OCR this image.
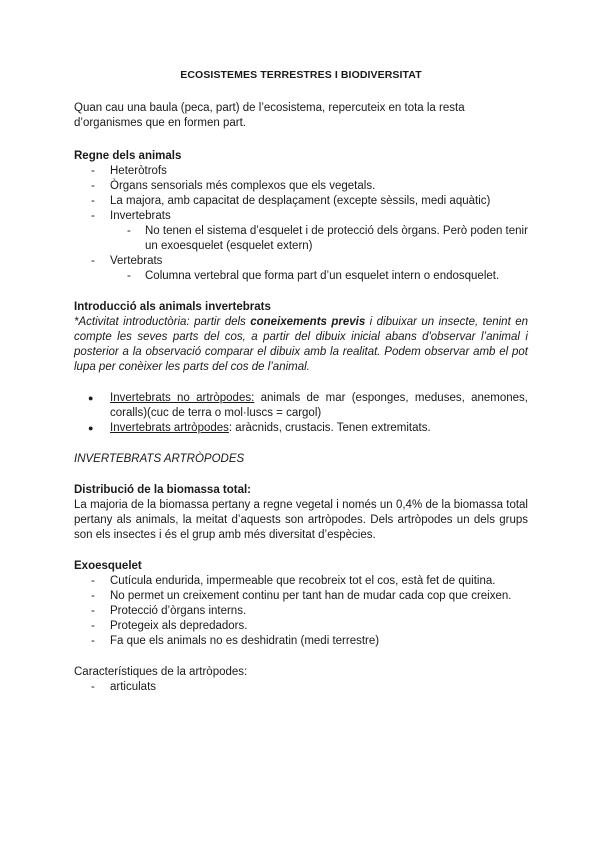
ECOSISTEMES TERRESTRES I BIODIVERSITAT

Quan cau una baula (peca, part) de l’ecosistema, repercuteix en tota la resta d’organismes que en formen part.

Regne dels animals

- Heteròtrofs
- Òrgans sensorials més complexos que els vegetals.
- La majora, amb capacitat de desplaçament (excepte sèssils, medi aquàtic)
- Invertebrats
- No tenen el sistema d’esquelet i de protecció dels òrgans. Però poden tenir un exoesquelet (esquelet extern)
- Vertebrats
- Columna vertebral que forma part d’un esquelet intern o endosquelet.

Introducció als animals invertebrats

*Activitat introductòria: partir dels coneixements previs i dibuixar un insecte, tenint en compte les seves parts del cos, a partir del dibuix inicial abans d'observar l’animal i posterior a la observació comparar el dibuix amb la realitat. Podem observar amb el pot lupa per conèixer les parts del cos de l’animal.

● Invertebrats no artròpodes: animals de mar (esponges, meduses, anemones, coralls)(cuc de terra o mol·luscs = cargol)
● Invertebrats artròpodes: aràcnids, crustacis. Tenen extremitats.

INVERTEBRATS ARTRÒPODES

Distribució de la biomassa total:

La majoria de la biomassa pertany a regne vegetal i només un 0,4% de la biomassa total pertany als animals, la meitat d’aquests son artròpodes. Dels artròpodes un dels grups son els insectes i és el grup amb més diversitat d’espècies.

Exoesquelet

- Cutícula endurida, impermeable que recobreix tot el cos, està fet de quitina.
- No permet un creixement continu per tant han de mudar cada cop que creixen.
- Protecció d’òrgans interns.
- Protegeix als depredadors.
- Fa que els animals no es deshidratin (medi terrestre)

Característiques de la artròpodes:

- articulats
